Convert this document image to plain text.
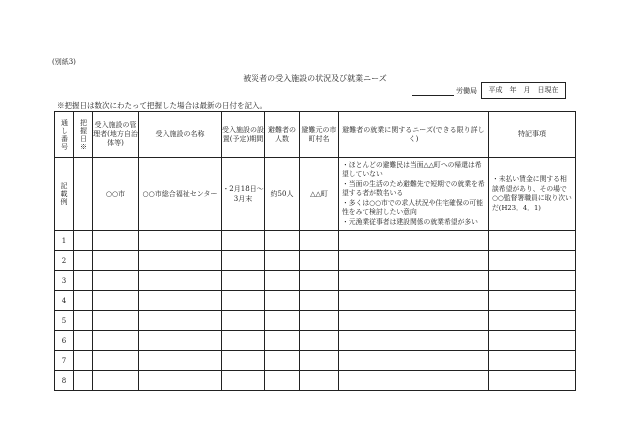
(別紙3)
被災者の受入施設の状況及び就業ニーズ
労働局	平成　年　月　日現在
※把握日は数次にわたって把握した場合は最新の日付を記入。
通し番号	把握日※	受入施設の管理者(地方自治体等)	受入施設の名称	受入施設の設置(予定)期間	避難者の人数	避難元の市町村名	避難者の就業に関するニーズ(できる限り詳しく)	特記事項

記載例		○○市	○○市総合福祉センター	・2月18日～3月末	約50人	△△町	・ほとんどの避難民は当面△△町への帰還は希望していない
・当面の生活のため避難先で短期での就業を希望する者が数名いる
・多くは○○市での求人状況や住宅確保の可能性をみて検討したい意向
・元漁業従事者は建設関係の就業希望が多い	・未払い賃金に関する相談希望があり、その場で○○監督署職員に取り次いだ(H23．4．1)
1								
2								
3								
4								
5								
6								
7								
8								
